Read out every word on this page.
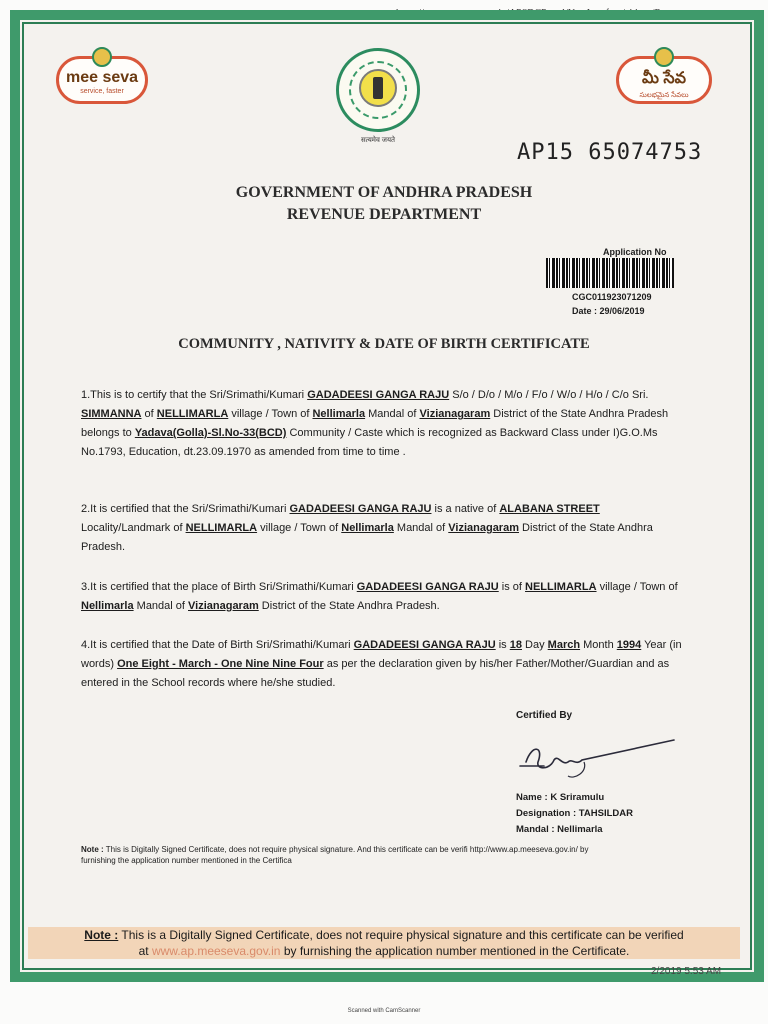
mee seva
service, faster
మీ సేవ
సులభమైన సేవలు
सत्यमेव जयते	AP15 65074753
GOVERNMENT OF ANDHRA PRADESH
REVENUE DEPARTMENT
Application No
CGC011923071209
Date : 29/06/2019
COMMUNITY , NATIVITY & DATE OF BIRTH CERTIFICATE
1.This is to certify that the Sri/Srimathi/Kumari GADADEESI GANGA RAJU S/o / D/o / M/o / F/o / W/o / H/o / C/o Sri. SIMMANNA of NELLIMARLA village / Town of Nellimarla Mandal of Vizianagaram District of the State Andhra Pradesh belongs to Yadava(Golla)-Sl.No-33(BCD) Community / Caste which is recognized as Backward Class under I)G.O.Ms No.1793, Education, dt.23.09.1970 as amended from time to time .
2.It is certified that the Sri/Srimathi/Kumari GADADEESI GANGA RAJU is a native of ALABANA STREET Locality/Landmark of NELLIMARLA village / Town of Nellimarla Mandal of Vizianagaram District of the State Andhra Pradesh.
3.It is certified that the place of Birth Sri/Srimathi/Kumari GADADEESI GANGA RAJU is of NELLIMARLA village / Town of Nellimarla Mandal of Vizianagaram District of the State Andhra Pradesh.
4.It is certified that the Date of Birth Sri/Srimathi/Kumari GADADEESI GANGA RAJU is 18 Day March Month 1994 Year (in words) One Eight - March - One Nine Nine Four as per the declaration given by his/her Father/Mother/Guardian and as entered in the School records where he/she studied.
Certified By
Name : K Sriramulu
Designation : TAHSILDAR
Mandal : Nellimarla
Note : This is Digitally Signed Certificate, does not require physical signature. And this certificate can be verifi http://www.ap.meeseva.gov.in/ by furnishing the application number mentioned in the Certifica
Note : This is a Digitally Signed Certificate, does not require physical signature and this certificate can be verified
at www.ap.meeseva.gov.in by furnishing the application number mentioned in the Certificate.
2/2019 5:53 AM
Scanned with CamScanner
